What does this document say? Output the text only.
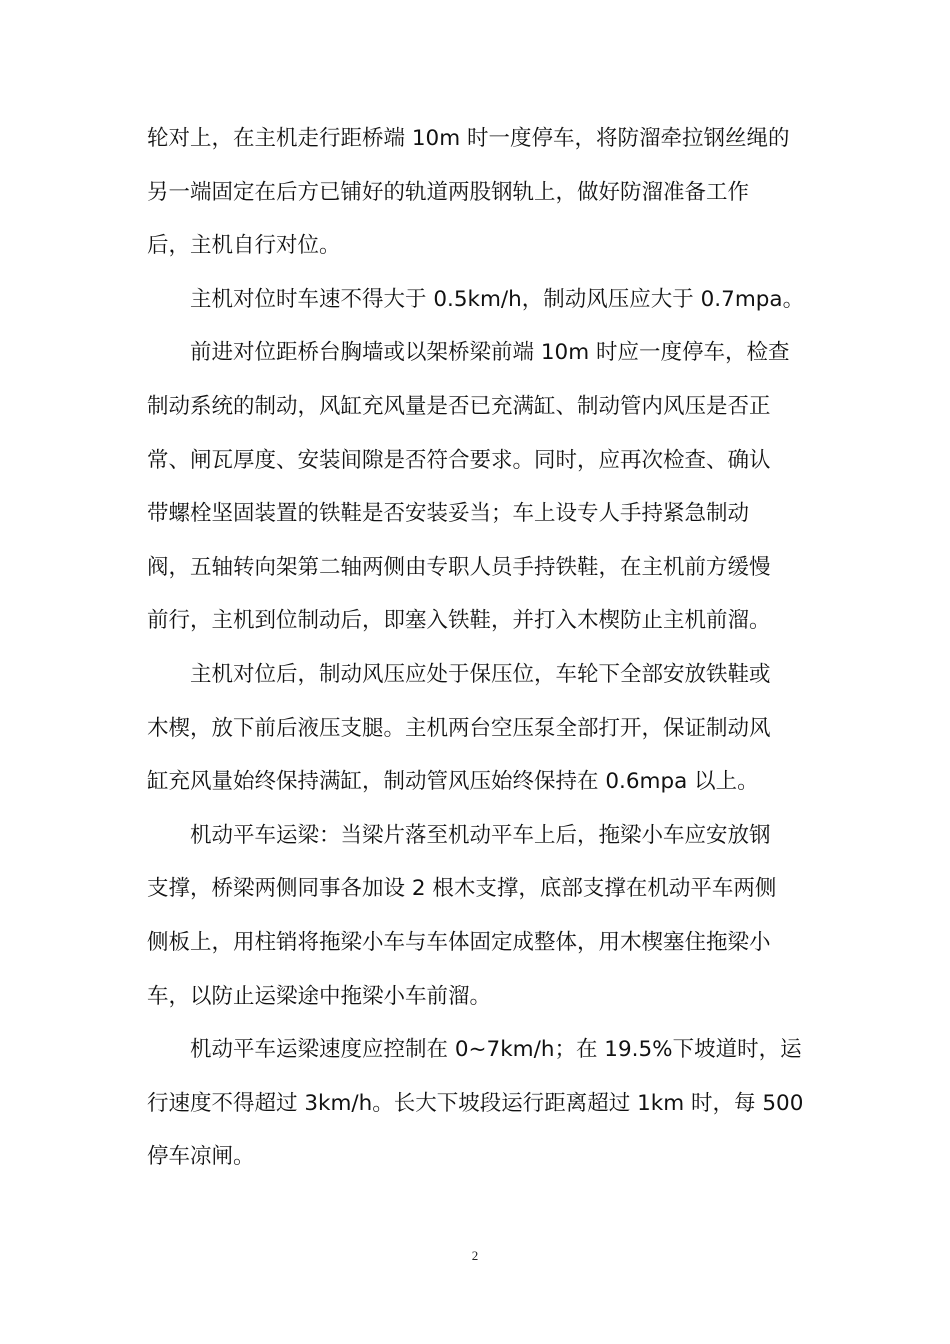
轮对上，在主机走行距桥端 10m 时一度停车，将防溜牵拉钢丝绳的
另一端固定在后方已铺好的轨道两股钢轨上，做好防溜准备工作
后，主机自行对位。
主机对位时车速不得大于 0.5km/h，制动风压应大于 0.7mpa。
前进对位距桥台胸墙或以架桥梁前端 10m 时应一度停车，检查
制动系统的制动，风缸充风量是否已充满缸、制动管内风压是否正
常、闸瓦厚度、安装间隙是否符合要求。同时，应再次检查、确认
带螺栓坚固装置的铁鞋是否安装妥当；车上设专人手持紧急制动
阀，五轴转向架第二轴两侧由专职人员手持铁鞋，在主机前方缓慢
前行，主机到位制动后，即塞入铁鞋，并打入木楔防止主机前溜。
主机对位后，制动风压应处于保压位，车轮下全部安放铁鞋或
木楔，放下前后液压支腿。主机两台空压泵全部打开，保证制动风
缸充风量始终保持满缸，制动管风压始终保持在 0.6mpa 以上。
机动平车运梁：当梁片落至机动平车上后，拖梁小车应安放钢
支撑，桥梁两侧同事各加设 2 根木支撑，底部支撑在机动平车两侧
侧板上，用柱销将拖梁小车与车体固定成整体，用木楔塞住拖梁小
车，以防止运梁途中拖梁小车前溜。
机动平车运梁速度应控制在 0~7km/h；在 19.5%下坡道时，运
行速度不得超过 3km/h。长大下坡段运行距离超过 1km 时，每 500
停车凉闸。
2
